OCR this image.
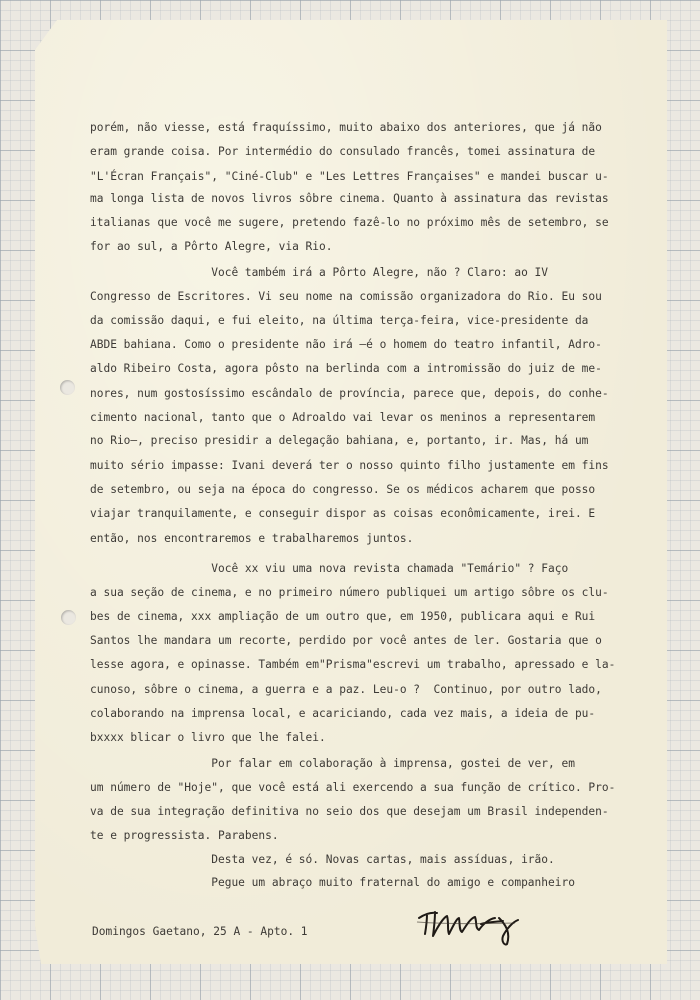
porém, não viesse, está fraquíssimo, muito abaixo dos anteriores, que já não

eram grande coisa. Por intermédio do consulado francês, tomei assinatura de

"L'Écran Français", "Ciné-Club" e "Les Lettres Françaises" e mandei buscar u-

ma longa lista de novos livros sôbre cinema. Quanto à assinatura das revistas

italianas que você me sugere, pretendo fazê-lo no próximo mês de setembro, se

for ao sul, a Pôrto Alegre, via Rio.

Você também irá a Pôrto Alegre, não ? Claro: ao IV

Congresso de Escritores. Vi seu nome na comissão organizadora do Rio. Eu sou

da comissão daqui, e fui eleito, na última terça-feira, vice-presidente da

ABDE bahiana. Como o presidente não irá —é o homem do teatro infantil, Adro-

aldo Ribeiro Costa, agora pôsto na berlinda com a intromissão do juiz de me-

nores, num gostosíssimo escândalo de província, parece que, depois, do conhe-

cimento nacional, tanto que o Adroaldo vai levar os meninos a representarem

no Rio—, preciso presidir a delegação bahiana, e, portanto, ir. Mas, há um

muito sério impasse: Ivani deverá ter o nosso quinto filho justamente em fins

de setembro, ou seja na época do congresso. Se os médicos acharem que posso

viajar tranquilamente, e conseguir dispor as coisas econômicamente, irei. E

então, nos encontraremos e trabalharemos juntos.

Você xx viu uma nova revista chamada "Temário" ? Faço

a sua seção de cinema, e no primeiro número publiquei um artigo sôbre os clu-

bes de cinema, xxx ampliação de um outro que, em 1950, publicara aqui e Rui

Santos lhe mandara um recorte, perdido por você antes de ler. Gostaria que o

lesse agora, e opinasse. Também em"Prisma"escrevi um trabalho, apressado e la-

cunoso, sôbre o cinema, a guerra e a paz. Leu-o ?  Continuo, por outro lado,

colaborando na imprensa local, e acariciando, cada vez mais, a ideia de pu-

bxxxx blicar o livro que lhe falei.

Por falar em colaboração à imprensa, gostei de ver, em

um número de "Hoje", que você está ali exercendo a sua função de crítico. Pro-

va de sua integração definitiva no seio dos que desejam um Brasil independen-

te e progressista. Parabens.

Desta vez, é só. Novas cartas, mais assíduas, irão.

Pegue um abraço muito fraternal do amigo e companheiro

Domingos Gaetano, 25 A - Apto. 1
